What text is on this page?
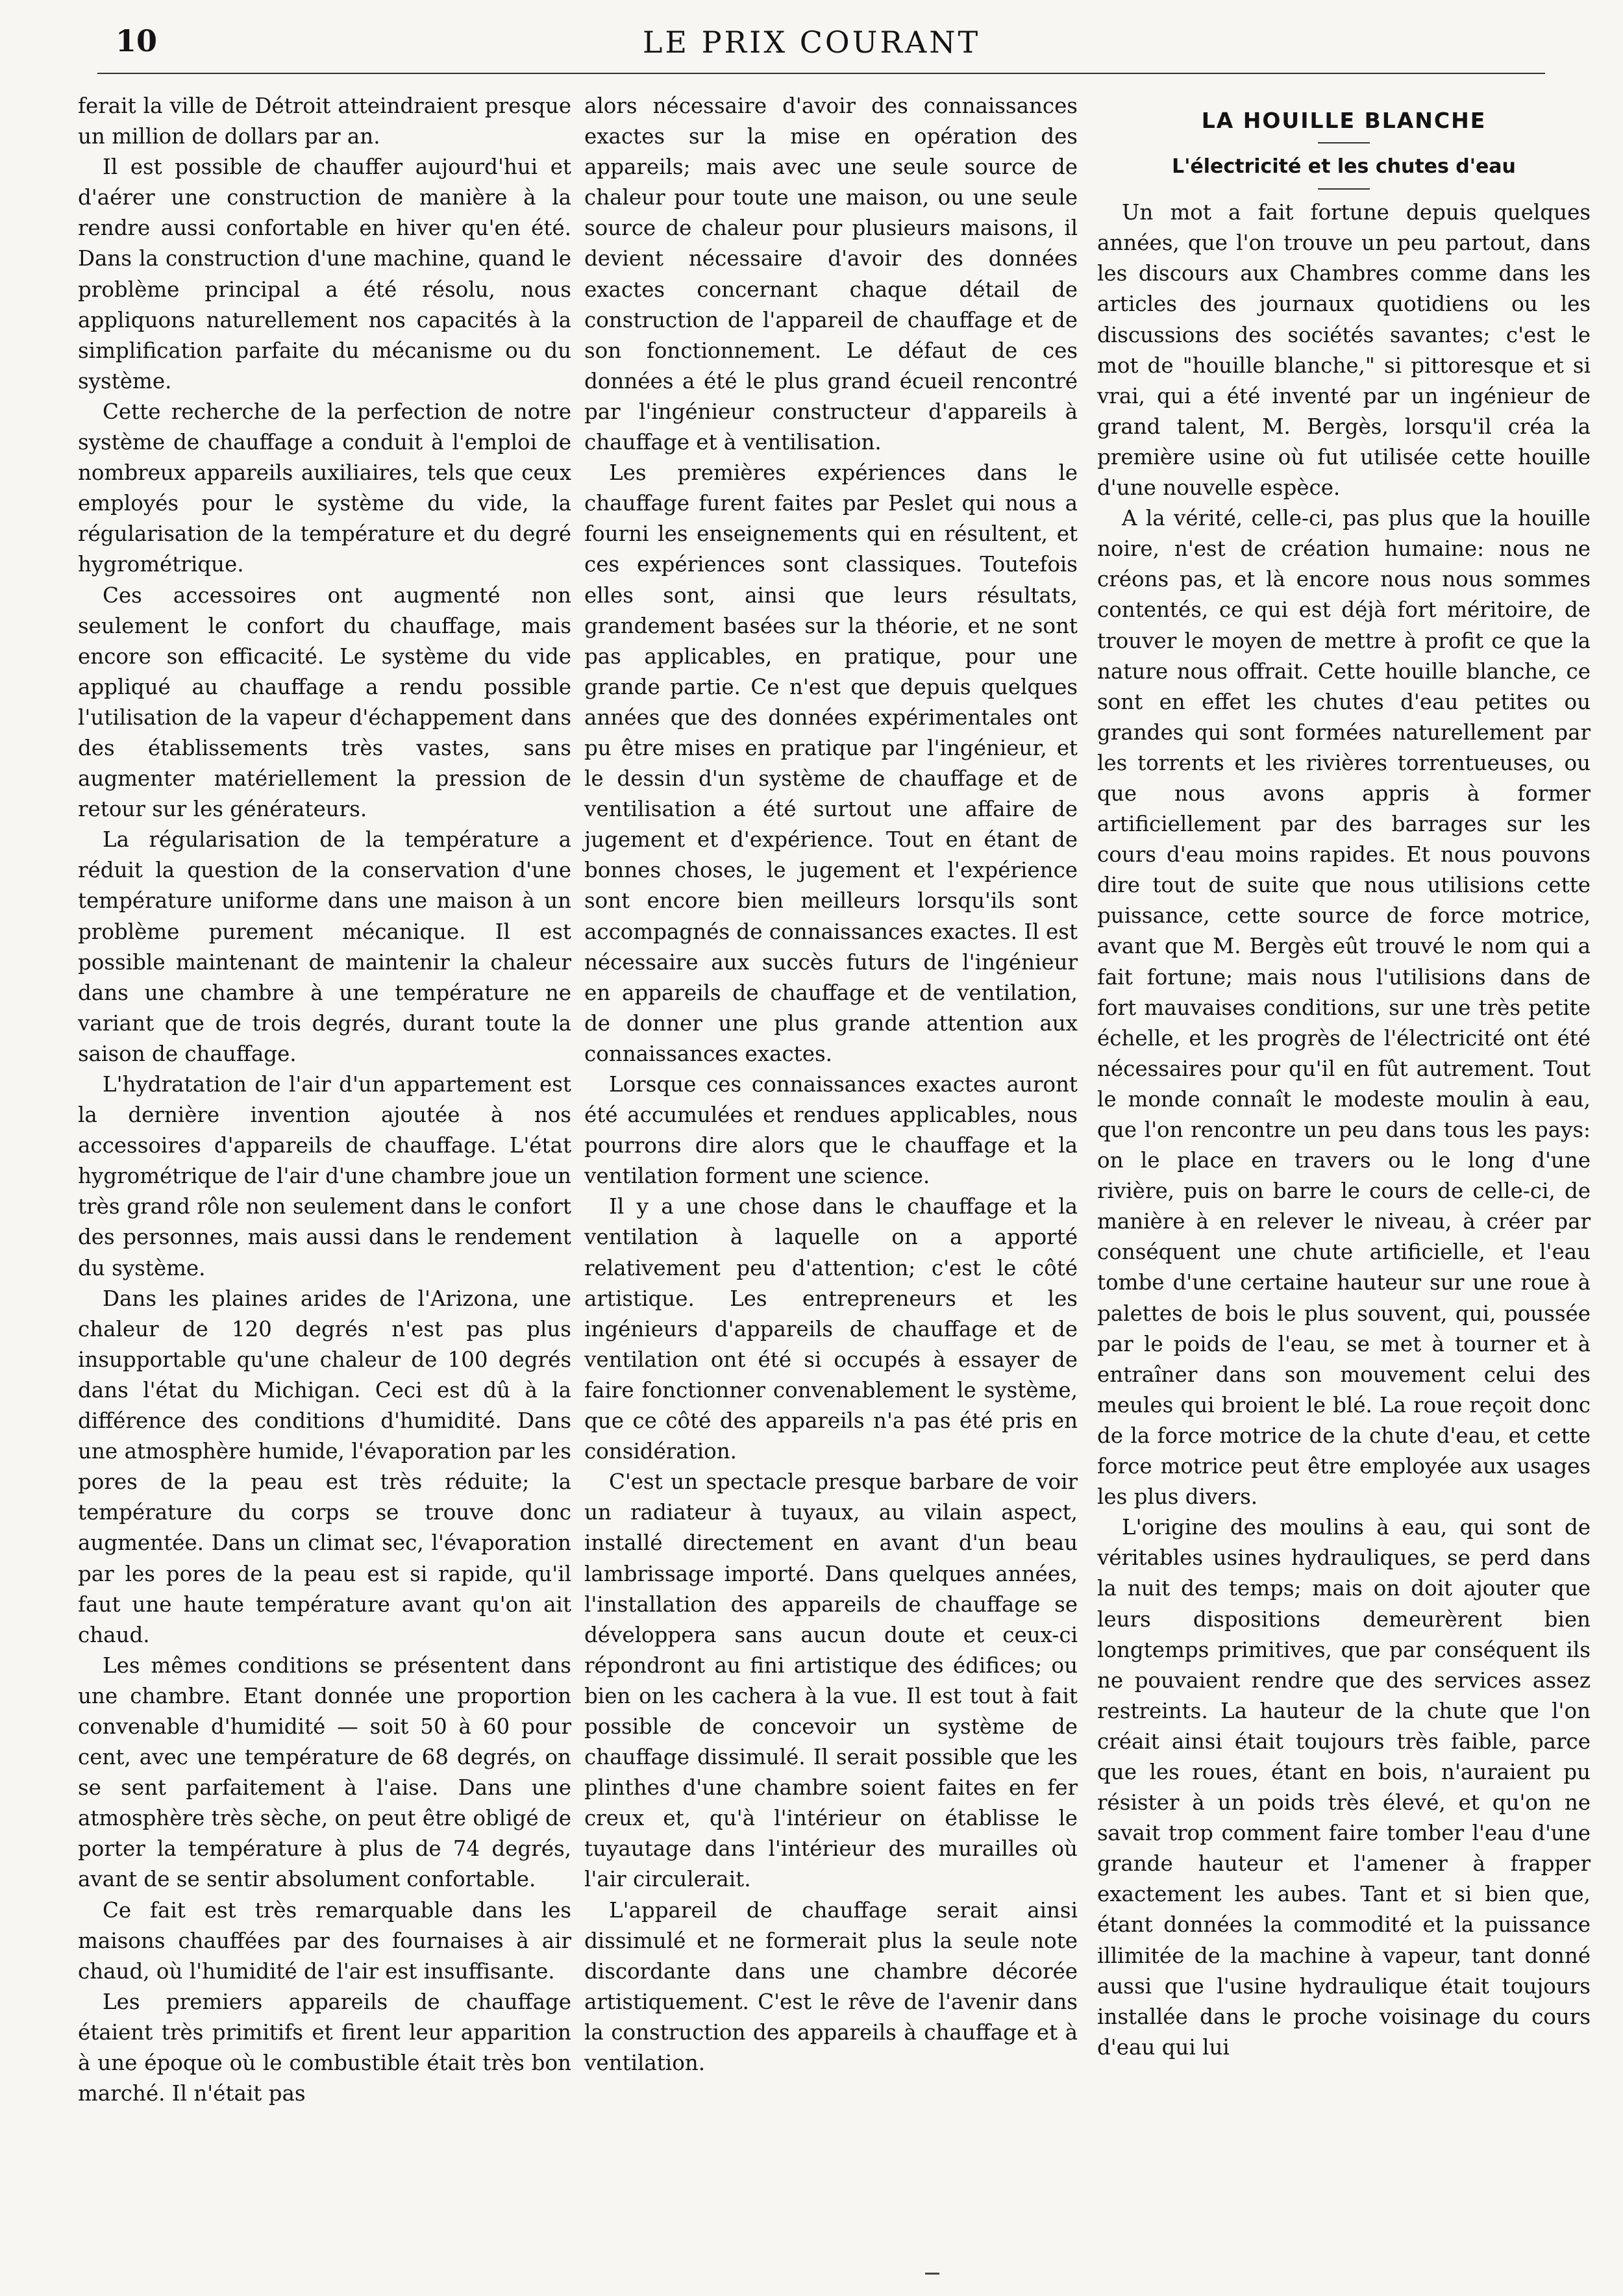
10	LE PRIX COURANT

ferait la ville de Détroit atteindraient presque un million de dollars par an.

Il est possible de chauffer aujourd'hui et d'aérer une construction de manière à la rendre aussi confortable en hiver qu'en été. Dans la construction d'une machine, quand le problème principal a été résolu, nous appliquons naturellement nos capacités à la simplification parfaite du mécanisme ou du système.

Cette recherche de la perfection de notre système de chauffage a conduit à l'emploi de nombreux appareils auxiliaires, tels que ceux employés pour le système du vide, la régularisation de la température et du degré hygrométrique.

Ces accessoires ont augmenté non seulement le confort du chauffage, mais encore son efficacité. Le système du vide appliqué au chauffage a rendu possible l'utilisation de la vapeur d'échappement dans des établissements très vastes, sans augmenter matériellement la pression de retour sur les générateurs.

La régularisation de la température a réduit la question de la conservation d'une température uniforme dans une maison à un problème purement mécanique. Il est possible maintenant de maintenir la chaleur dans une chambre à une température ne variant que de trois degrés, durant toute la saison de chauffage.

L'hydratation de l'air d'un appartement est la dernière invention ajoutée à nos accessoires d'appareils de chauffage. L'état hygrométrique de l'air d'une chambre joue un très grand rôle non seulement dans le confort des personnes, mais aussi dans le rendement du système.

Dans les plaines arides de l'Arizona, une chaleur de 120 degrés n'est pas plus insupportable qu'une chaleur de 100 degrés dans l'état du Michigan. Ceci est dû à la différence des conditions d'humidité. Dans une atmosphère humide, l'évaporation par les pores de la peau est très réduite; la température du corps se trouve donc augmentée. Dans un climat sec, l'évaporation par les pores de la peau est si rapide, qu'il faut une haute température avant qu'on ait chaud.

Les mêmes conditions se présentent dans une chambre. Etant donnée une proportion convenable d'humidité — soit 50 à 60 pour cent, avec une température de 68 degrés, on se sent parfaitement à l'aise. Dans une atmosphère très sèche, on peut être obligé de porter la température à plus de 74 degrés, avant de se sentir absolument confortable.

Ce fait est très remarquable dans les maisons chauffées par des fournaises à air chaud, où l'humidité de l'air est insuffisante.

Les premiers appareils de chauffage étaient très primitifs et firent leur apparition à une époque où le combustible était très bon marché. Il n'était pas

alors nécessaire d'avoir des connaissances exactes sur la mise en opération des appareils; mais avec une seule source de chaleur pour toute une maison, ou une seule source de chaleur pour plusieurs maisons, il devient nécessaire d'avoir des données exactes concernant chaque détail de construction de l'appareil de chauffage et de son fonctionnement. Le défaut de ces données a été le plus grand écueil rencontré par l'ingénieur constructeur d'appareils à chauffage et à ventilisation.

Les premières expériences dans le chauffage furent faites par Peslet qui nous a fourni les enseignements qui en résultent, et ces expériences sont classiques. Toutefois elles sont, ainsi que leurs résultats, grandement basées sur la théorie, et ne sont pas applicables, en pratique, pour une grande partie. Ce n'est que depuis quelques années que des données expérimentales ont pu être mises en pratique par l'ingénieur, et le dessin d'un système de chauffage et de ventilisation a été surtout une affaire de jugement et d'expérience. Tout en étant de bonnes choses, le jugement et l'expérience sont encore bien meilleurs lorsqu'ils sont accompagnés de connaissances exactes. Il est nécessaire aux succès futurs de l'ingénieur en appareils de chauffage et de ventilation, de donner une plus grande attention aux connaissances exactes.

Lorsque ces connaissances exactes auront été accumulées et rendues applicables, nous pourrons dire alors que le chauffage et la ventilation forment une science.

Il y a une chose dans le chauffage et la ventilation à laquelle on a apporté relativement peu d'attention; c'est le côté artistique. Les entrepreneurs et les ingénieurs d'appareils de chauffage et de ventilation ont été si occupés à essayer de faire fonctionner convenablement le système, que ce côté des appareils n'a pas été pris en considération.

C'est un spectacle presque barbare de voir un radiateur à tuyaux, au vilain aspect, installé directement en avant d'un beau lambrissage importé. Dans quelques années, l'installation des appareils de chauffage se développera sans aucun doute et ceux-ci répondront au fini artistique des édifices; ou bien on les cachera à la vue. Il est tout à fait possible de concevoir un système de chauffage dissimulé. Il serait possible que les plinthes d'une chambre soient faites en fer creux et, qu'à l'intérieur on établisse le tuyautage dans l'intérieur des murailles où l'air circulerait.

L'appareil de chauffage serait ainsi dissimulé et ne formerait plus la seule note discordante dans une chambre décorée artistiquement. C'est le rêve de l'avenir dans la construction des appareils à chauffage et à ventilation.

LA HOUILLE BLANCHE
L'électricité et les chutes d'eau

Un mot a fait fortune depuis quelques années, que l'on trouve un peu partout, dans les discours aux Chambres comme dans les articles des journaux quotidiens ou les discussions des sociétés savantes; c'est le mot de "houille blanche," si pittoresque et si vrai, qui a été inventé par un ingénieur de grand talent, M. Bergès, lorsqu'il créa la première usine où fut utilisée cette houille d'une nouvelle espèce.

A la vérité, celle-ci, pas plus que la houille noire, n'est de création humaine: nous ne créons pas, et là encore nous nous sommes contentés, ce qui est déjà fort méritoire, de trouver le moyen de mettre à profit ce que la nature nous offrait. Cette houille blanche, ce sont en effet les chutes d'eau petites ou grandes qui sont formées naturellement par les torrents et les rivières torrentueuses, ou que nous avons appris à former artificiellement par des barrages sur les cours d'eau moins rapides. Et nous pouvons dire tout de suite que nous utilisions cette puissance, cette source de force motrice, avant que M. Bergès eût trouvé le nom qui a fait fortune; mais nous l'utilisions dans de fort mauvaises conditions, sur une très petite échelle, et les progrès de l'électricité ont été nécessaires pour qu'il en fût autrement. Tout le monde connaît le modeste moulin à eau, que l'on rencontre un peu dans tous les pays: on le place en travers ou le long d'une rivière, puis on barre le cours de celle-ci, de manière à en relever le niveau, à créer par conséquent une chute artificielle, et l'eau tombe d'une certaine hauteur sur une roue à palettes de bois le plus souvent, qui, poussée par le poids de l'eau, se met à tourner et à entraîner dans son mouvement celui des meules qui broient le blé. La roue reçoit donc de la force motrice de la chute d'eau, et cette force motrice peut être employée aux usages les plus divers.

L'origine des moulins à eau, qui sont de véritables usines hydrauliques, se perd dans la nuit des temps; mais on doit ajouter que leurs dispositions demeurèrent bien longtemps primitives, que par conséquent ils ne pouvaient rendre que des services assez restreints. La hauteur de la chute que l'on créait ainsi était toujours très faible, parce que les roues, étant en bois, n'auraient pu résister à un poids très élevé, et qu'on ne savait trop comment faire tomber l'eau d'une grande hauteur et l'amener à frapper exactement les aubes. Tant et si bien que, étant données la commodité et la puissance illimitée de la machine à vapeur, tant donné aussi que l'usine hydraulique était toujours installée dans le proche voisinage du cours d'eau qui lui
